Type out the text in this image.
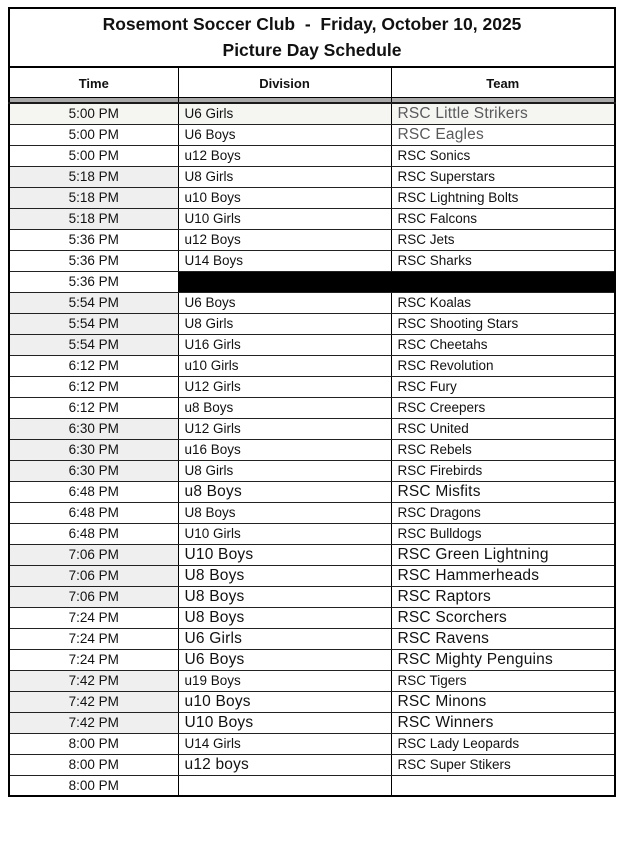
Rosemont Soccer Club  -  Friday, October 10, 2025
Picture Day Schedule		
Time	Division	Team

5:00 PM	U6 Girls	RSC Little Strikers
5:00 PM	U6 Boys	RSC Eagles
5:00 PM	u12 Boys	RSC Sonics
5:18 PM	U8 Girls	RSC Superstars
5:18 PM	u10 Boys	RSC Lightning Bolts
5:18 PM	U10 Girls	RSC Falcons
5:36 PM	u12 Boys	RSC Jets
5:36 PM	U14 Boys	RSC Sharks
5:36 PM		
5:54 PM	U6 Boys	RSC Koalas
5:54 PM	U8 Girls	RSC Shooting Stars
5:54 PM	U16 Girls	RSC Cheetahs
6:12 PM	u10 Girls	RSC Revolution
6:12 PM	U12 Girls	RSC Fury
6:12 PM	u8 Boys	RSC Creepers
6:30 PM	U12 Girls	RSC United
6:30 PM	u16 Boys	RSC Rebels
6:30 PM	U8 Girls	RSC Firebirds
6:48 PM	u8 Boys	RSC Misfits
6:48 PM	U8 Boys	RSC Dragons
6:48 PM	U10 Girls	RSC Bulldogs
7:06 PM	U10 Boys	RSC Green Lightning
7:06 PM	U8 Boys	RSC Hammerheads
7:06 PM	U8 Boys	RSC Raptors
7:24 PM	U8 Boys	RSC Scorchers
7:24 PM	U6 Girls	RSC Ravens
7:24 PM	U6 Boys	RSC Mighty Penguins
7:42 PM	u19 Boys	RSC Tigers
7:42 PM	u10 Boys	RSC Minons
7:42 PM	U10 Boys	RSC Winners
8:00 PM	U14 Girls	RSC Lady Leopards
8:00 PM	u12 boys	RSC Super Stikers
8:00 PM		
